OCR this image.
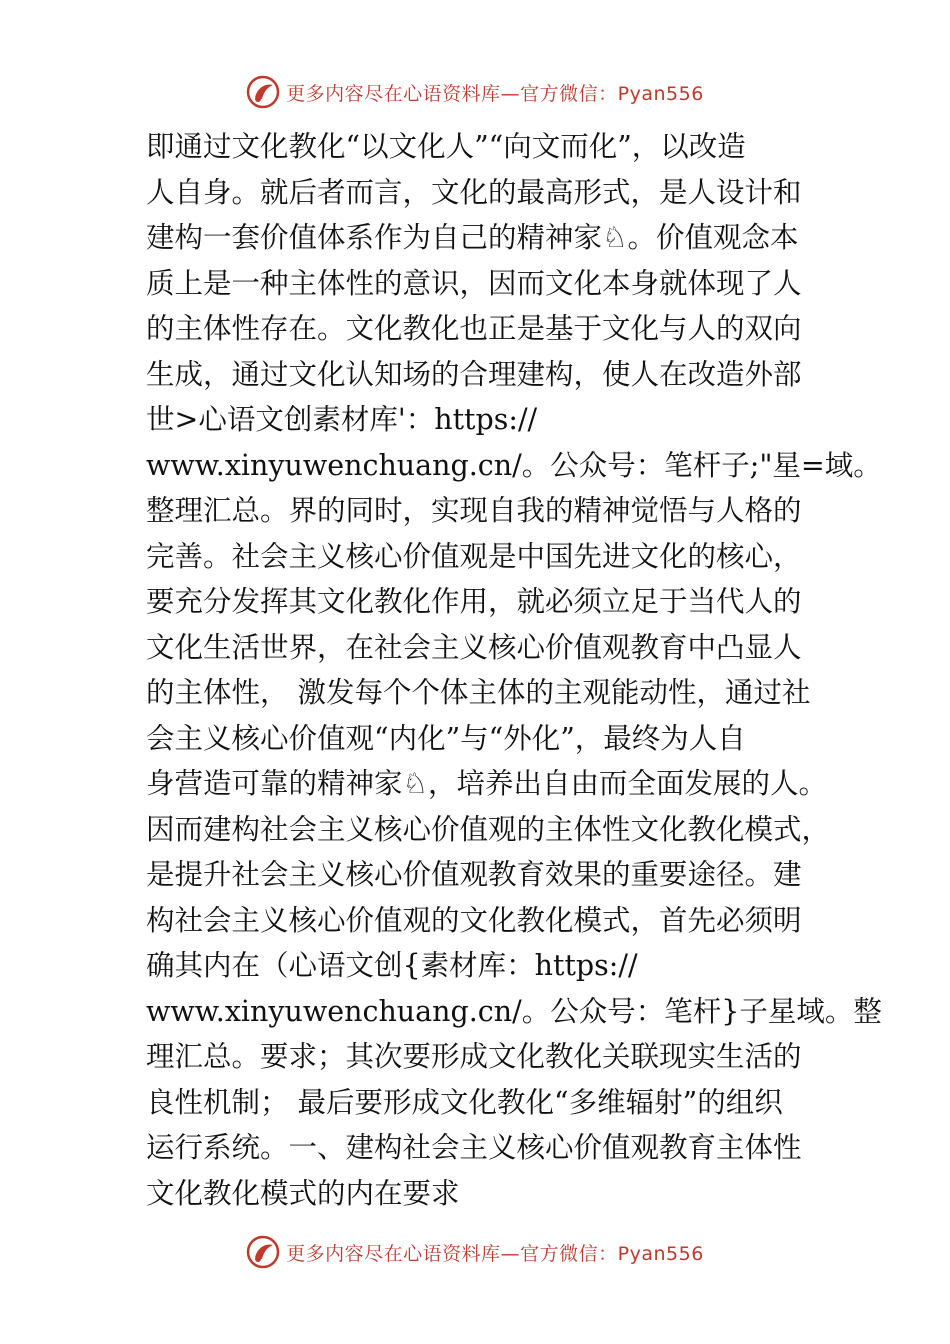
更多内容尽在心语资料库—官方微信：Pyan556
即通过文化教化“以文化人”“向文而化”，以改造
人自身。就后者而言，文化的最高形式，是人设计和
建构一套价值体系作为自己的精神家♘。价值观念本
质上是一种主体性的意识，因而文化本身就体现了人
的主体性存在。文化教化也正是基于文化与人的双向
生成，通过文化认知场的合理建构，使人在改造外部
世>心语文创素材库'：https://
www.xinyuwenchuang.cn/。公众号：笔杆子;"星=域。
整理汇总。界的同时，实现自我的精神觉悟与人格的
完善。社会主义核心价值观是中国先进文化的核心，
要充分发挥其文化教化作用，就必须立足于当代人的
文化生活世界，在社会主义核心价值观教育中凸显人
的主体性， 激发每个个体主体的主观能动性，通过社
会主义核心价值观“内化”与“外化”，最终为人自
身营造可靠的精神家♘，培养出自由而全面发展的人。
因而建构社会主义核心价值观的主体性文化教化模式，
是提升社会主义核心价值观教育效果的重要途径。建
构社会主义核心价值观的文化教化模式，首先必须明
确其内在（心语文创{素材库：https://
www.xinyuwenchuang.cn/。公众号：笔杆}子星域。整
理汇总。要求；其次要形成文化教化关联现实生活的
良性机制； 最后要形成文化教化“多维辐射”的组织
运行系统。一、建构社会主义核心价值观教育主体性
文化教化模式的内在要求
更多内容尽在心语资料库—官方微信：Pyan556
